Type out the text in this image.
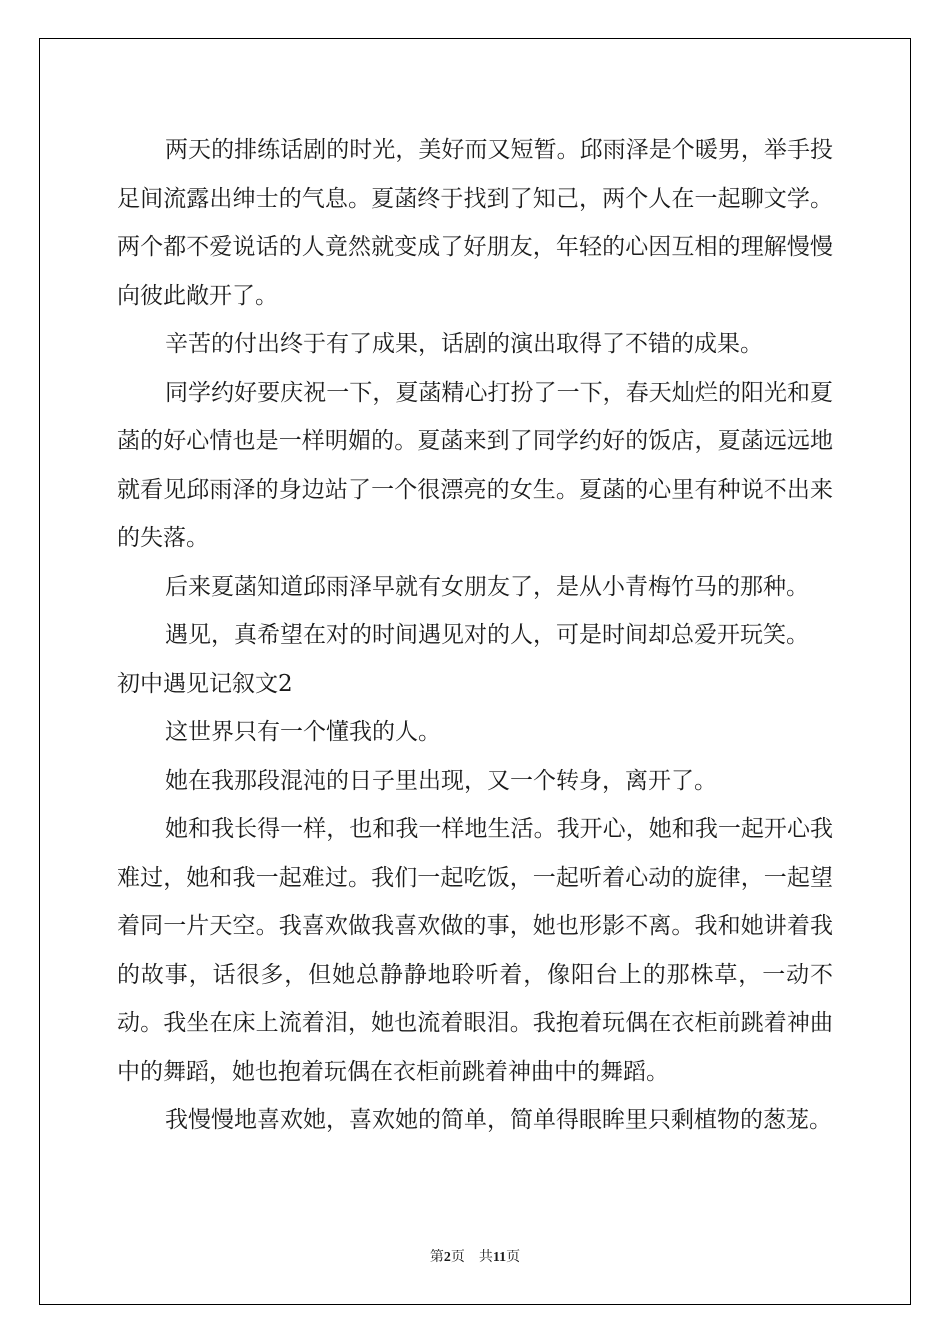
两天的排练话剧的时光，美好而又短暂。邱雨泽是个暖男，举手投足间流露出绅士的气息。夏菡终于找到了知己，两个人在一起聊文学。两个都不爱说话的人竟然就变成了好朋友，年轻的心因互相的理解慢慢向彼此敞开了。

辛苦的付出终于有了成果，话剧的演出取得了不错的成果。

同学约好要庆祝一下，夏菡精心打扮了一下，春天灿烂的阳光和夏菡的好心情也是一样明媚的。夏菡来到了同学约好的饭店，夏菡远远地就看见邱雨泽的身边站了一个很漂亮的女生。夏菡的心里有种说不出来的失落。

后来夏菡知道邱雨泽早就有女朋友了，是从小青梅竹马的那种。

遇见，真希望在对的时间遇见对的人，可是时间却总爱开玩笑。

初中遇见记叙文2

这世界只有一个懂我的人。

她在我那段混沌的日子里出现，又一个转身，离开了。

她和我长得一样，也和我一样地生活。我开心，她和我一起开心我难过，她和我一起难过。我们一起吃饭，一起听着心动的旋律，一起望着同一片天空。我喜欢做我喜欢做的事，她也形影不离。我和她讲着我的故事，话很多，但她总静静地聆听着，像阳台上的那株草，一动不动。我坐在床上流着泪，她也流着眼泪。我抱着玩偶在衣柜前跳着神曲中的舞蹈，她也抱着玩偶在衣柜前跳着神曲中的舞蹈。

我慢慢地喜欢她，喜欢她的简单，简单得眼眸里只剩植物的葱茏。

第2页 共11页
